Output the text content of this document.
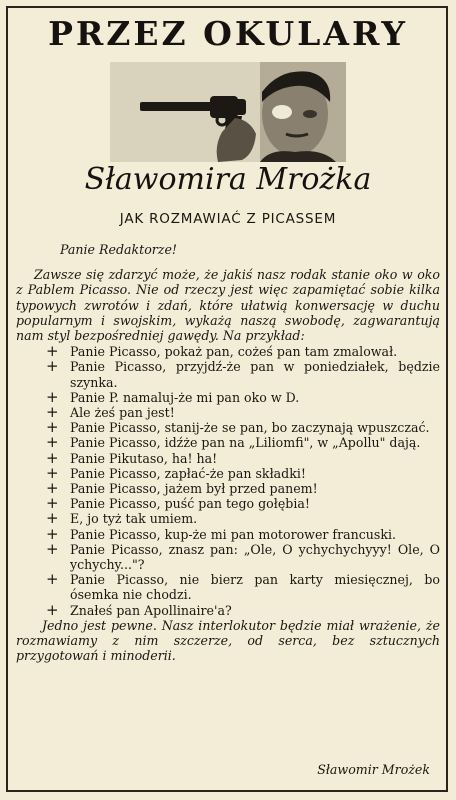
PRZEZ OKULARY
Sławomira Mrożka
JAK ROZMAWIAĆ Z PICASSEM
Panie Redaktorze!

Zawsze się zdarzyć może, że jakiś nasz rodak stanie oko w oko z Pablem Picasso. Nie od rzeczy jest więc zapamiętać sobie kilka typowych zwrotów i zdań, które ułatwią konwersację w duchu popularnym i swojskim, wykażą naszą swobodę, zagwarantują nam styl bezpośredniej gawędy. Na przykład:

+ Panie Picasso, pokaż pan, cożeś pan tam zmalował.
+ Panie Picasso, przyjdź-że pan w poniedziałek, będzie szynka.
+ Panie P. namaluj-że mi pan oko w D.
+ Ale żeś pan jest!
+ Panie Picasso, stanij-że se pan, bo zaczynają wpuszczać.
+ Panie Picasso, idźże pan na „Liliomfi", w „Apollu" dają.
+ Panie Pikutaso, ha! ha!
+ Panie Picasso, zapłać-że pan składki!
+ Panie Picasso, jażem był przed panem!
+ Panie Picasso, puść pan tego gołębia!
+ E, jo tyż tak umiem.
+ Panie Picasso, kup-że mi pan motorower francuski.
+ Panie Picasso, znasz pan: „Ole, O ychychychyyy! Ole, O ychychy..."?
+ Panie Picasso, nie bierz pan karty miesięcznej, bo ósemka nie chodzi.
+ Znałeś pan Apollinaire'a?

Jedno jest pewne. Nasz interlokutor będzie miał wrażenie, że rozmawiamy z nim szczerze, od serca, bez sztucznych przygotowań i minoderii.

Sławomir Mrożek
